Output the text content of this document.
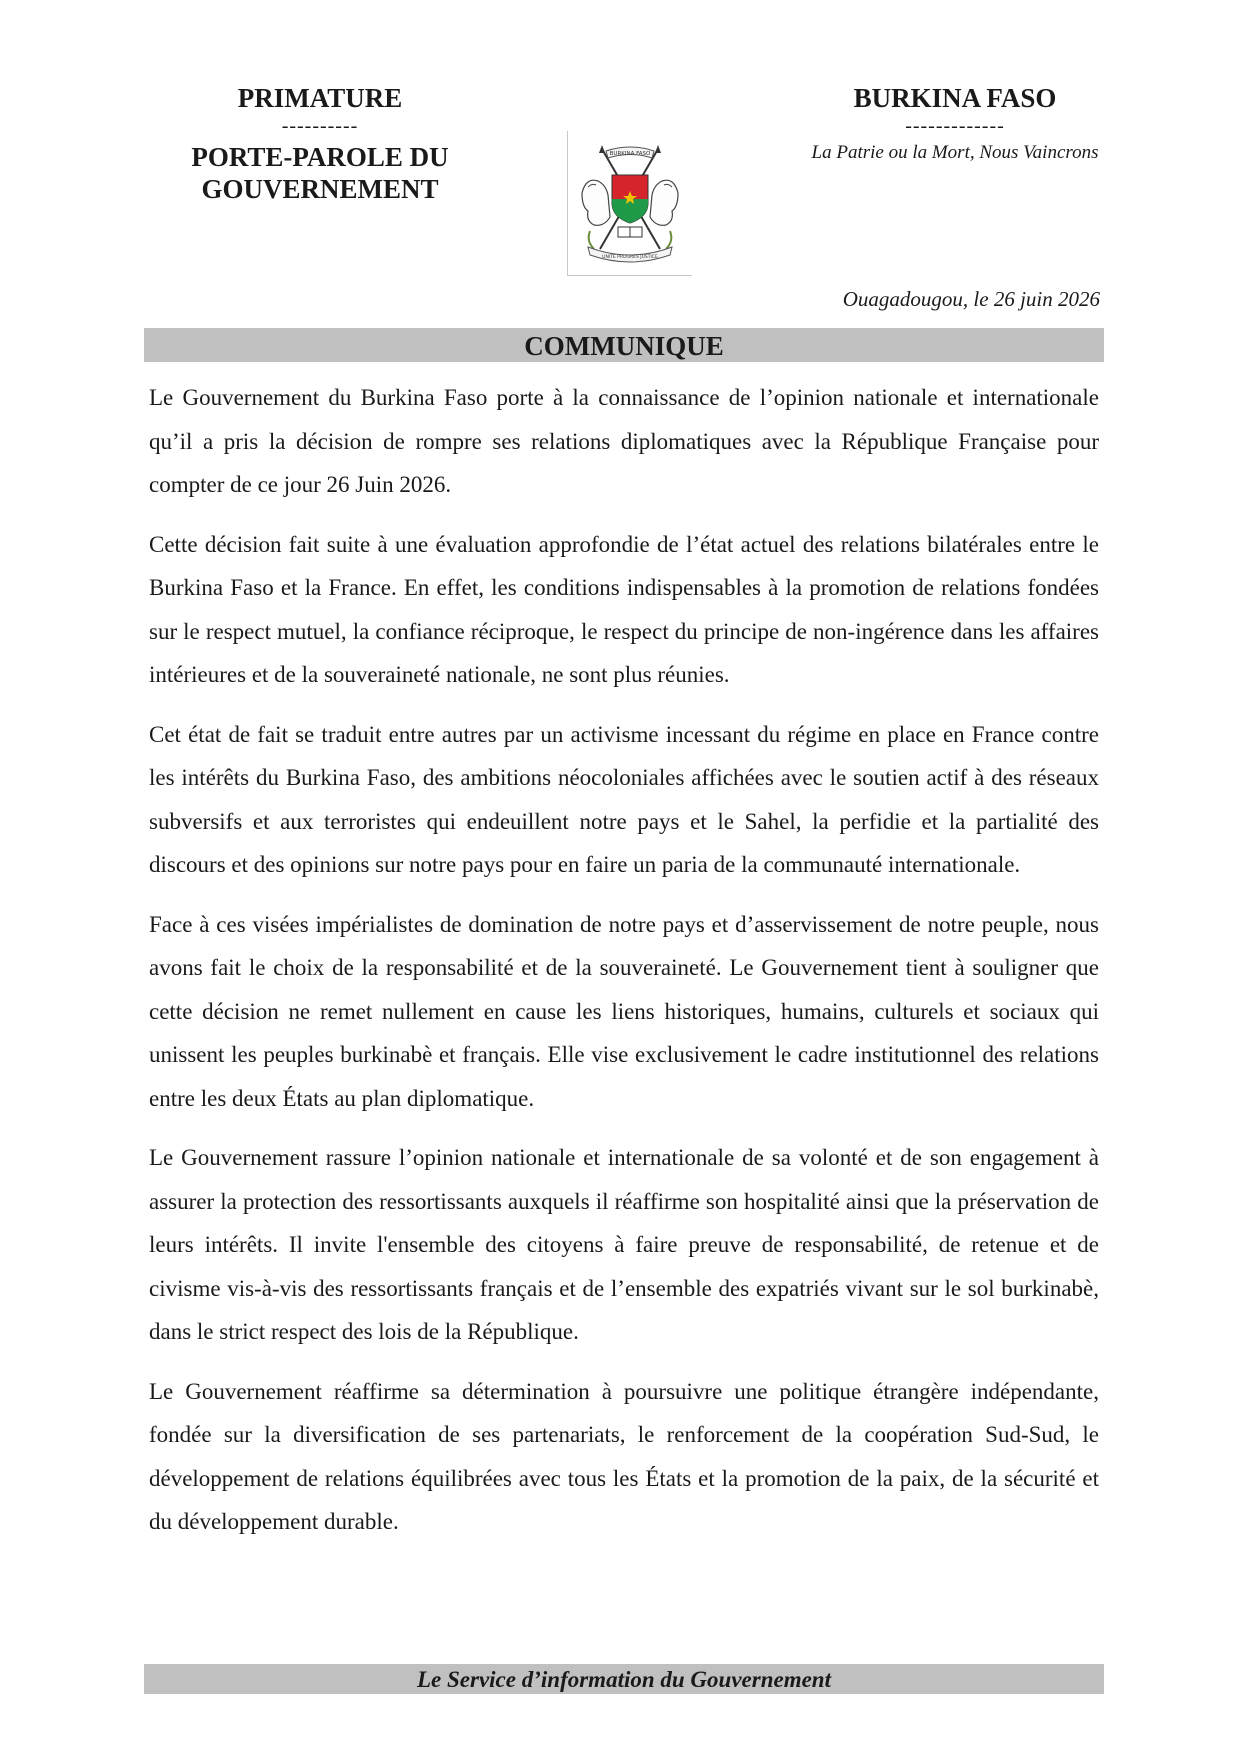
PRIMATURE
----------
PORTE-PAROLE DU
GOUVERNEMENT
BURKINA FASO
UNITÉ PROGRÈS JUSTICE
BURKINA FASO
-------------
La Patrie ou la Mort, Nous Vaincrons
Ouagadougou, le 26 juin 2026
COMMUNIQUE

Le Gouvernement du Burkina Faso porte à la connaissance de l’opinion nationale et internationale qu’il a pris la décision de rompre ses relations diplomatiques avec la République Française pour compter de ce jour 26 Juin 2026.

Cette décision fait suite à une évaluation approfondie de l’état actuel des relations bilatérales entre le Burkina Faso et la France. En effet, les conditions indispensables à la promotion de relations fondées sur le respect mutuel, la confiance réciproque, le respect du principe de non-ingérence dans les affaires intérieures et de la souveraineté nationale, ne sont plus réunies.

Cet état de fait se traduit entre autres par un activisme incessant du régime en place en France contre les intérêts du Burkina Faso, des ambitions néocoloniales affichées avec le soutien actif à des réseaux subversifs et aux terroristes qui endeuillent notre pays et le Sahel, la perfidie et la partialité des discours et des opinions sur notre pays pour en faire un paria de la communauté internationale.

Face à ces visées impérialistes de domination de notre pays et d’asservissement de notre peuple, nous avons fait le choix de la responsabilité et de la souveraineté. Le Gouvernement tient à souligner que cette décision ne remet nullement en cause les liens historiques, humains, culturels et sociaux qui unissent les peuples burkinabè et français. Elle vise exclusivement le cadre institutionnel des relations entre les deux États au plan diplomatique.

Le Gouvernement rassure l’opinion nationale et internationale de sa volonté et de son engagement à assurer la protection des ressortissants auxquels il réaffirme son hospitalité ainsi que la préservation de leurs intérêts. Il invite l'ensemble des citoyens à faire preuve de responsabilité, de retenue et de civisme vis-à-vis des ressortissants français et de l’ensemble des expatriés vivant sur le sol burkinabè, dans le strict respect des lois de la République.

Le Gouvernement réaffirme sa détermination à poursuivre une politique étrangère indépendante, fondée sur la diversification de ses partenariats, le renforcement de la coopération Sud-Sud, le développement de relations équilibrées avec tous les États et la promotion de la paix, de la sécurité et du développement durable.

Le Service d’information du Gouvernement
